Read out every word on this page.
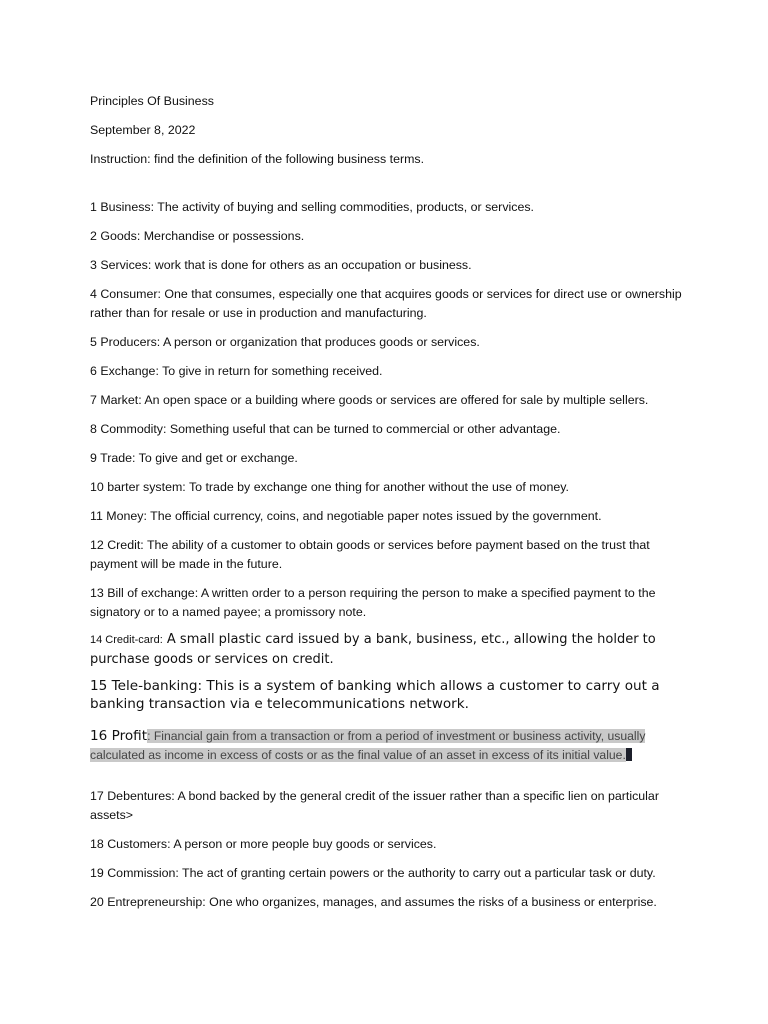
Principles Of Business
September 8, 2022
Instruction: find the definition of the following business terms.
1 Business: The activity of buying and selling commodities, products, or services.
2 Goods: Merchandise or possessions.
3 Services: work that is done for others as an occupation or business.
4 Consumer: One that consumes, especially one that acquires goods or services for direct use or ownership rather than for resale or use in production and manufacturing.
5 Producers: A person or organization that produces goods or services.
6 Exchange: To give in return for something received.
7 Market: An open space or a building where goods or services are offered for sale by multiple sellers.
8 Commodity: Something useful that can be turned to commercial or other advantage.
9 Trade: To give and get or exchange.
10 barter system: To trade by exchange one thing for another without the use of money.
11 Money: The official currency, coins, and negotiable paper notes issued by the government.
12 Credit: The ability of a customer to obtain goods or services before payment based on the trust that payment will be made in the future.
13 Bill of exchange: A written order to a person requiring the person to make a specified payment to the signatory or to a named payee; a promissory note.
14 Credit-card: A small plastic card issued by a bank, business, etc., allowing the holder to purchase goods or services on credit.
15 Tele-banking: This is a system of banking which allows a customer to carry out a banking transaction via e telecommunications network.
16 Profit: Financial gain from a transaction or from a period of investment or business activity, usually calculated as income in excess of costs or as the final value of an asset in excess of its initial value.
17 Debentures: A bond backed by the general credit of the issuer rather than a specific lien on particular assets>
18 Customers: A person or more people buy goods or services.
19 Commission: The act of granting certain powers or the authority to carry out a particular task or duty.
20 Entrepreneurship: One who organizes, manages, and assumes the risks of a business or enterprise.
